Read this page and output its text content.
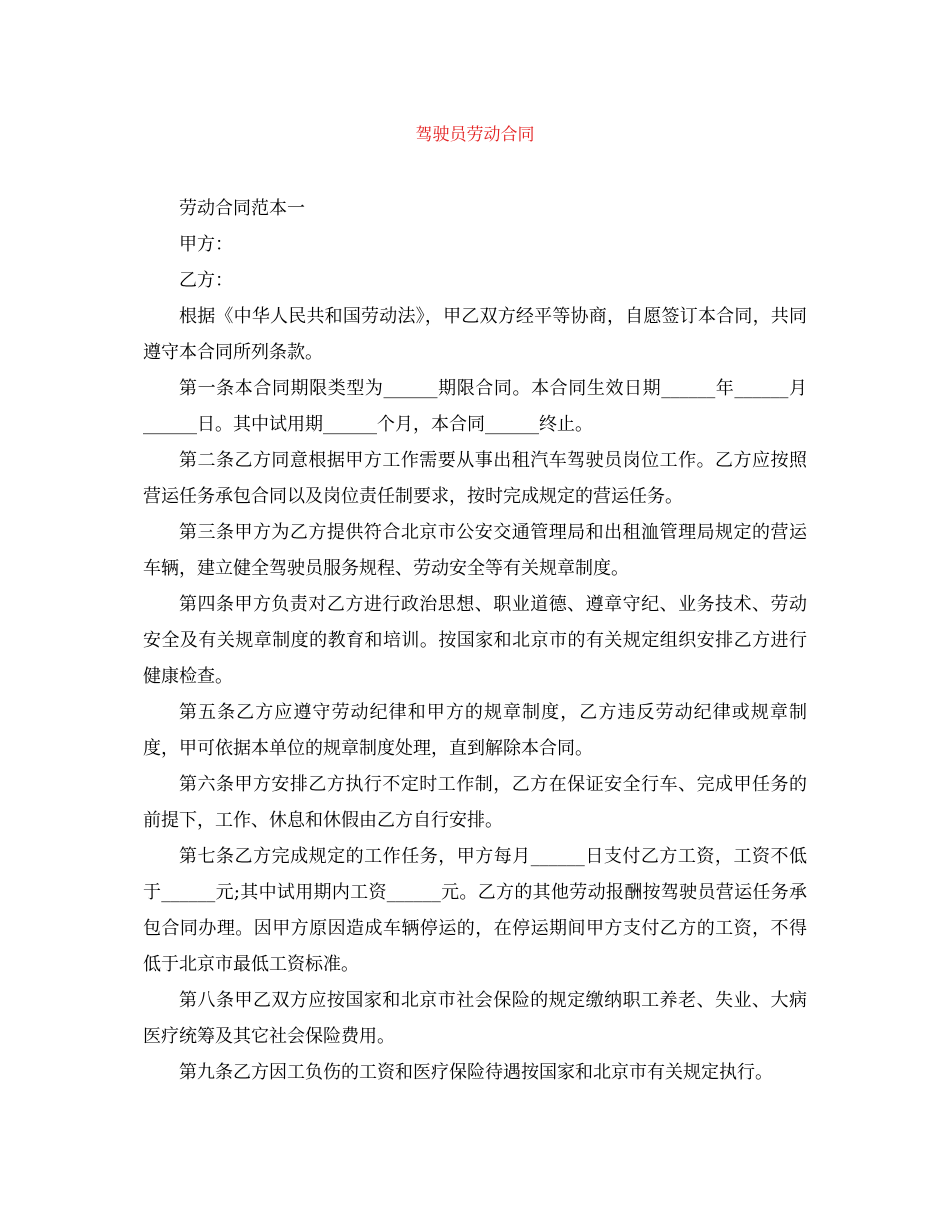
驾驶员劳动合同

劳动合同范本一

甲方：

乙方：

根据《中华人民共和国劳动法》，甲乙双方经平等协商，自愿签订本合同，共同遵守本合同所列条款。

第一条本合同期限类型为______期限合同。本合同生效日期______年______月______日。其中试用期______个月，本合同______终止。

第二条乙方同意根据甲方工作需要从事出租汽车驾驶员岗位工作。乙方应按照营运任务承包合同以及岗位责任制要求，按时完成规定的营运任务。

第三条甲方为乙方提供符合北京市公安交通管理局和出租洫管理局规定的营运车辆，建立健全驾驶员服务规程、劳动安全等有关规章制度。

第四条甲方负责对乙方进行政治思想、职业道德、遵章守纪、业务技术、劳动安全及有关规章制度的教育和培训。按国家和北京市的有关规定组织安排乙方进行健康检查。

第五条乙方应遵守劳动纪律和甲方的规章制度，乙方违反劳动纪律或规章制度，甲可依据本单位的规章制度处理，直到解除本合同。

第六条甲方安排乙方执行不定时工作制，乙方在保证安全行车、完成甲任务的前提下，工作、休息和休假由乙方自行安排。

第七条乙方完成规定的工作任务，甲方每月______日支付乙方工资，工资不低于______元;其中试用期内工资______元。乙方的其他劳动报酬按驾驶员营运任务承包合同办理。因甲方原因造成车辆停运的，在停运期间甲方支付乙方的工资，不得低于北京市最低工资标准。

第八条甲乙双方应按国家和北京市社会保险的规定缴纳职工养老、失业、大病医疗统筹及其它社会保险费用。

第九条乙方因工负伤的工资和医疗保险待遇按国家和北京市有关规定执行。
